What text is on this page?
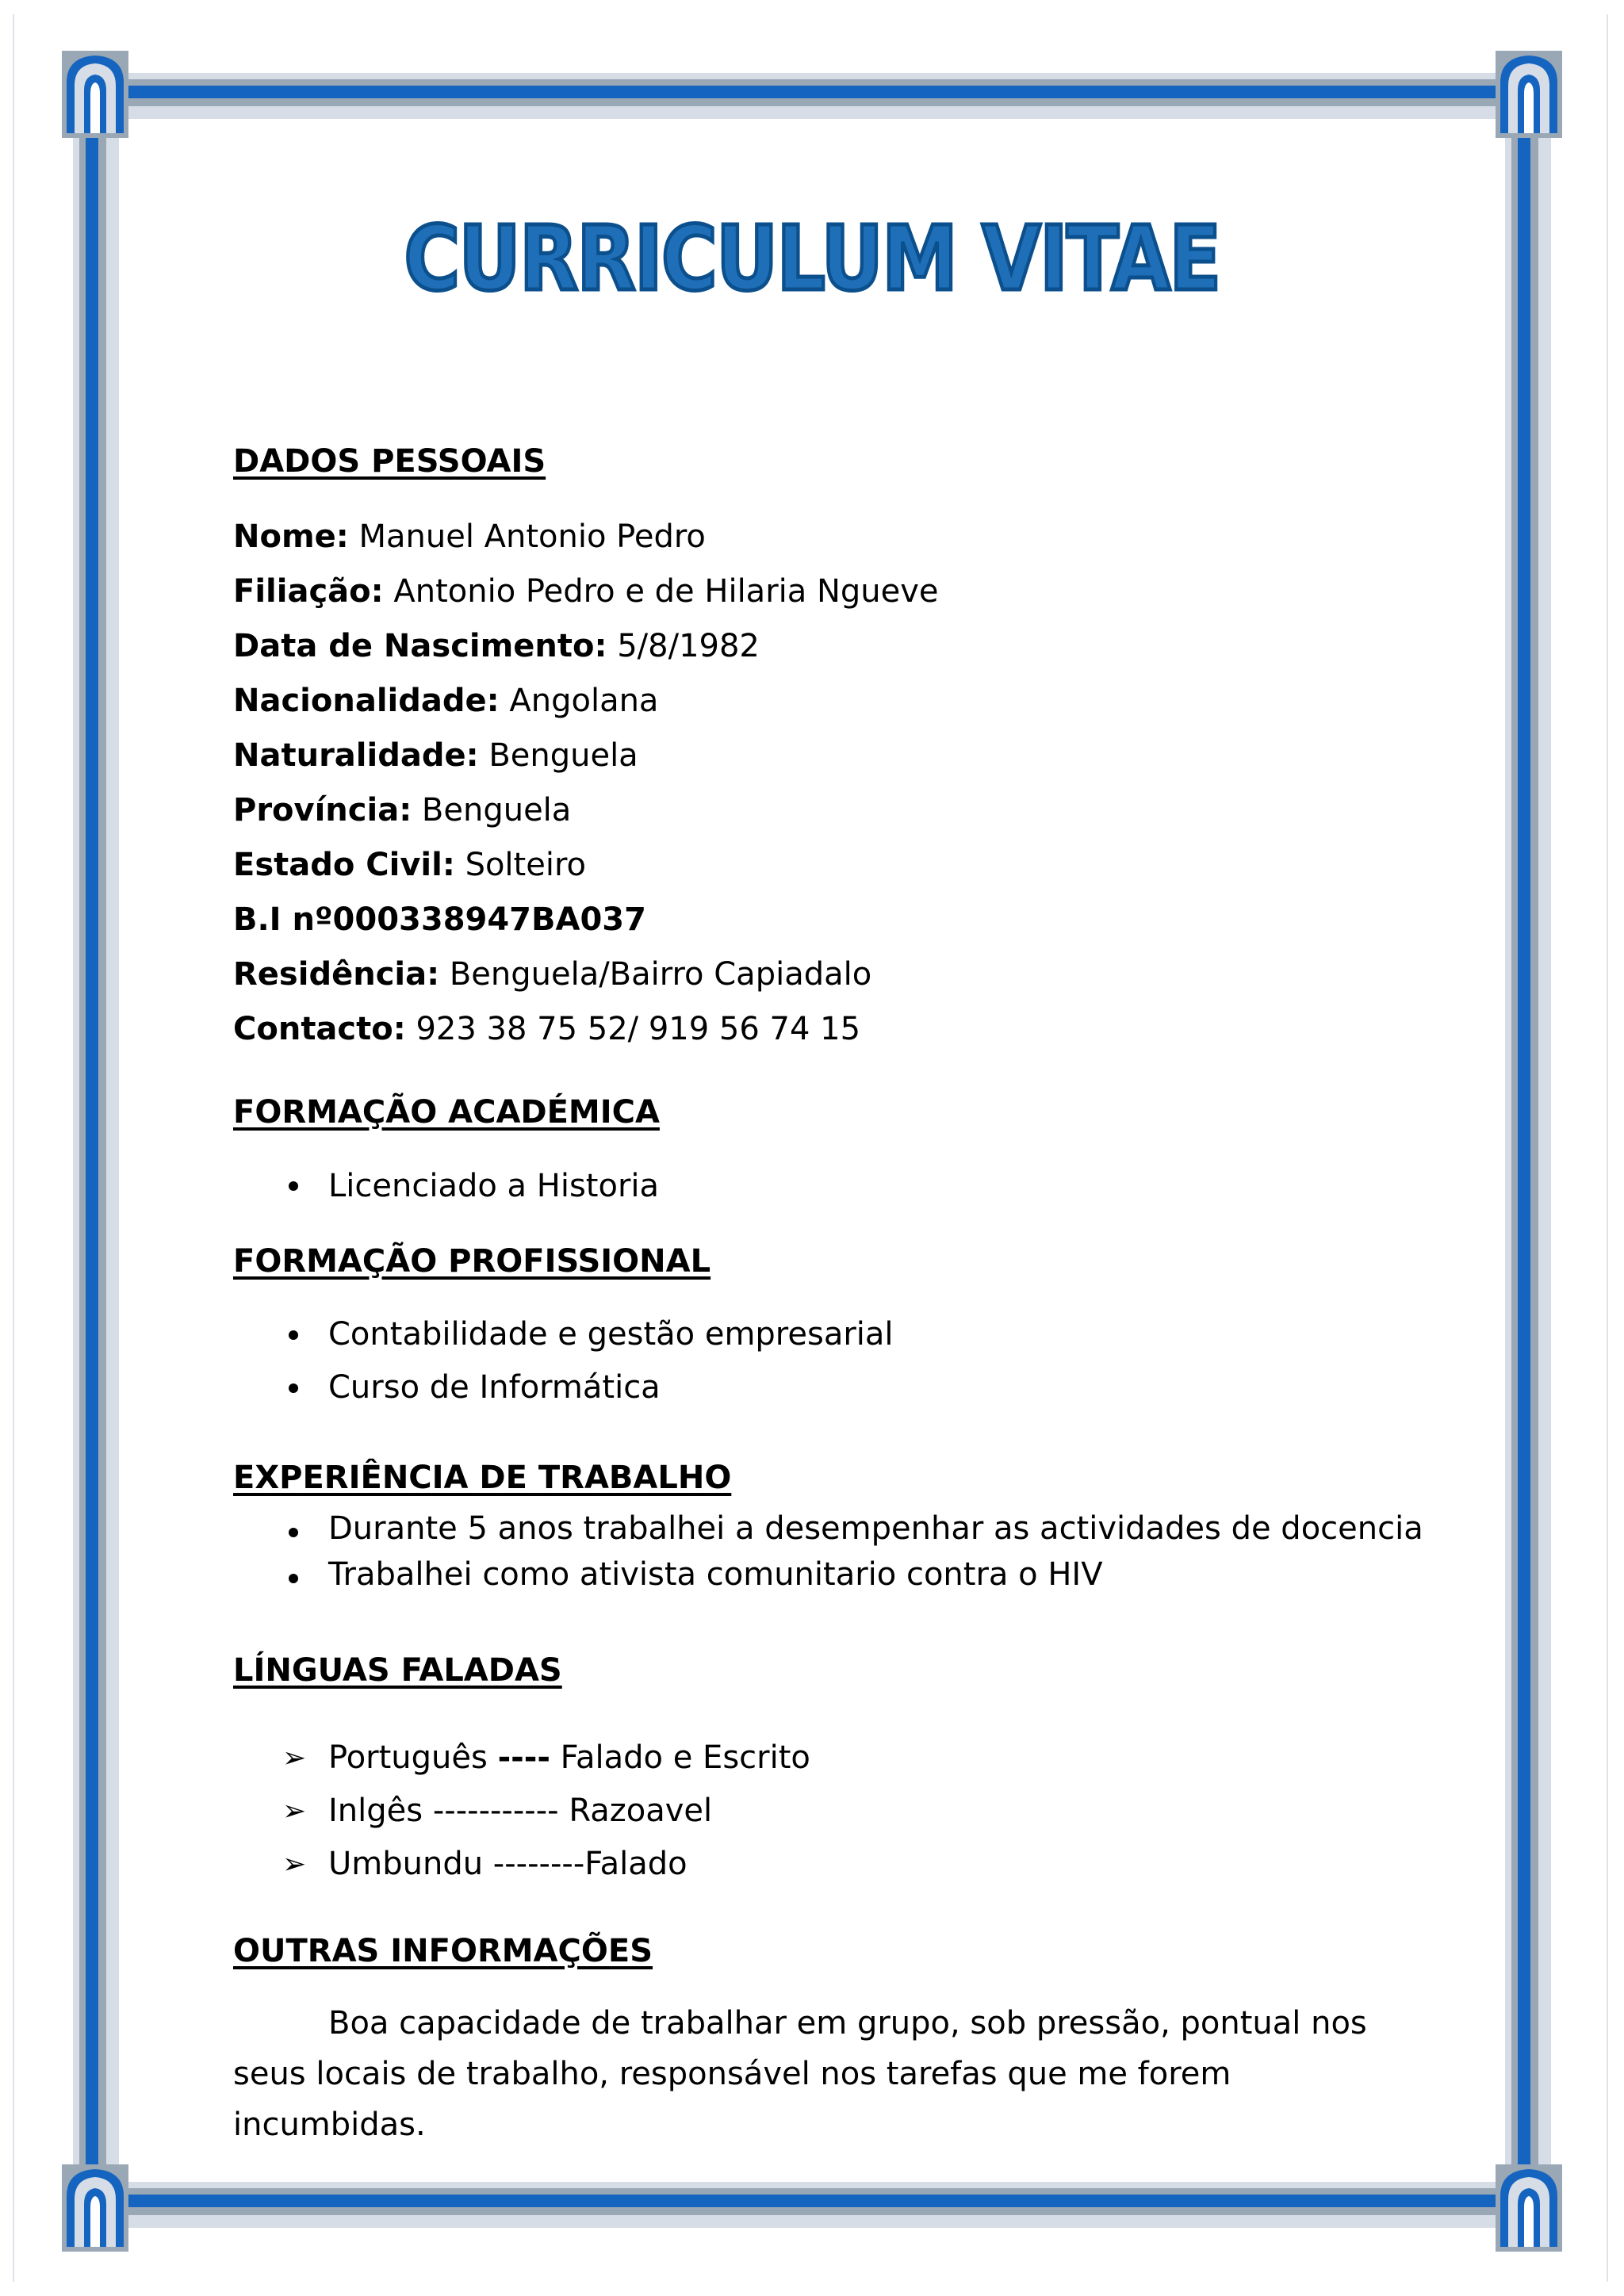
CURRICULUM VITAE

DADOS PESSOAIS

Nome: Manuel Antonio Pedro

Filiação: Antonio Pedro e de Hilaria Ngueve

Data de Nascimento: 5/8/1982

Nacionalidade: Angolana

Naturalidade: Benguela

Província: Benguela

Estado Civil: Solteiro

B.I nº000338947BA037

Residência: Benguela/Bairro Capiadalo

Contacto: 923 38 75 52/ 919 56 74 15

FORMAÇÃO ACADÉMICA

Licenciado a Historia

FORMAÇÃO PROFISSIONAL

Contabilidade e gestão empresarial
Curso de Informática

EXPERIÊNCIA DE TRABALHO

Durante 5 anos trabalhei a desempenhar as actividades de docencia
Trabalhei como ativista comunitario contra o HIV

LÍNGUAS FALADAS

➢ Português ---- Falado e Escrito
➢ Inlgês ----------- Razoavel
➢ Umbundu --------Falado

OUTRAS INFORMAÇÕES

Boa capacidade de trabalhar em grupo, sob pressão, pontual nos seus locais de trabalho, responsável nos tarefas que me forem incumbidas.
